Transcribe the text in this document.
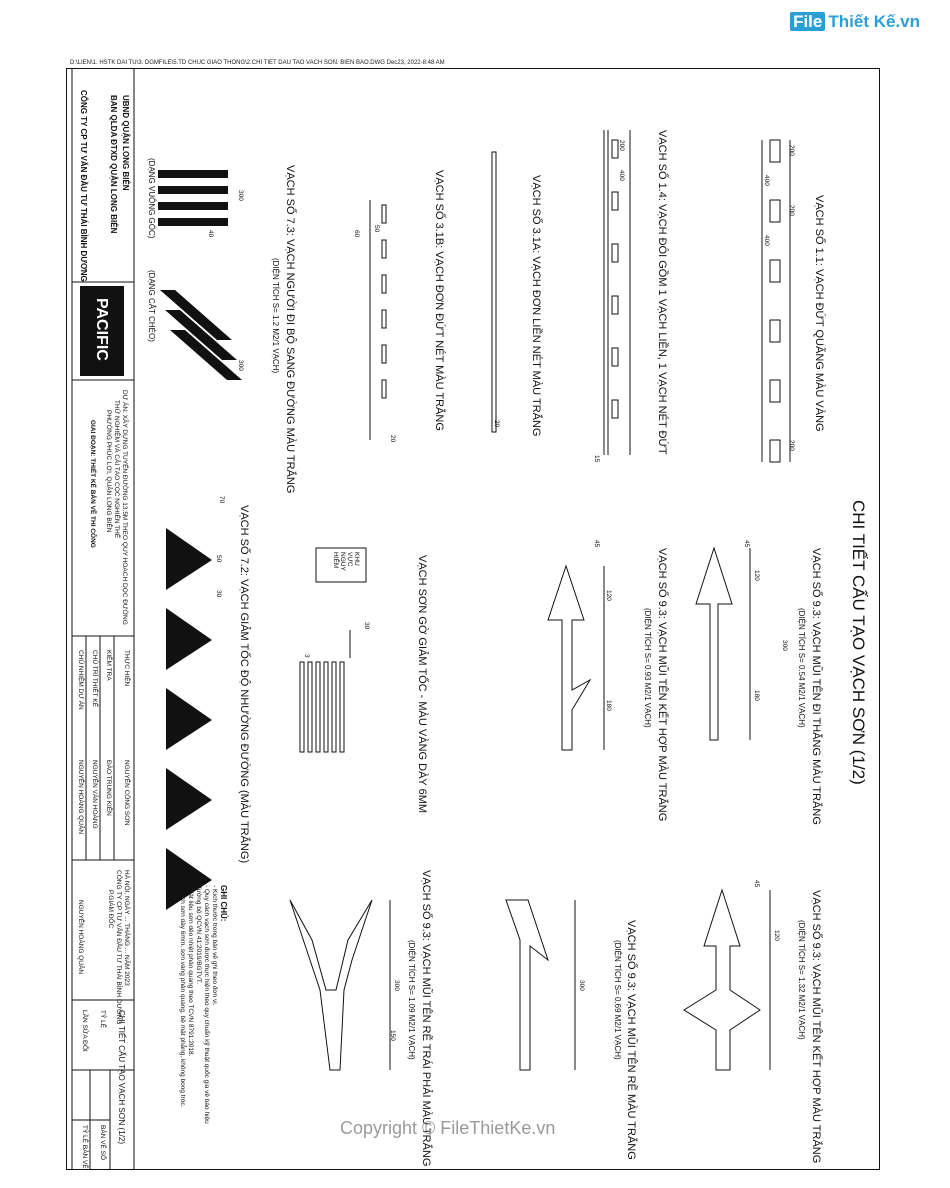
D:\LIEN\1. HSTK DAI TU\3. DGMFILE\5.TD CHUC GIAO THONG\2.CHI TIET DAU TAO VACH SON. BIEN BAO.DWG Dec23, 2022-8:48 AM
File Thiết Kế.vn
PACIFIC
CHI TIẾT CẤU TẠO VẠCH SƠN (1/2)
VẠCH SỐ 1.1: VẠCH ĐỨT QUÃNG MÀU VÀNG
VẠCH SỐ 1.4: VẠCH ĐÔI GỒM 1 VẠCH LIỀN, 1 VẠCH NÉT ĐỨT
VẠCH SỐ 3.1A: VẠCH ĐƠN LIỀN NÉT MÀU TRẮNG
VẠCH SỐ 3.1B: VẠCH ĐƠN ĐỨT NÉT MÀU TRẮNG
VẠCH SỐ 7.3: VẠCH NGƯỜI ĐI BỘ SANG ĐƯỜNG MÀU TRẮNG
(DIỆN TÍCH S= 1.2 M2/1 VẠCH)
(DẠNG VUÔNG GÓC)
(DẠNG CẮT CHÉO)
VẠCH SỐ 9.3: VẠCH MŨI TÊN ĐI THẲNG MÀU TRẮNG
(DIỆN TÍCH S= 0.54 M2/1 VẠCH)
VẠCH SỐ 9.3: VẠCH MŨI TÊN KẾT HỢP MÀU TRẮNG
(DIỆN TÍCH S= 0.93 M2/1 VẠCH)
VẠCH SỐ 9.3: VẠCH MŨI TÊN KẾT HỢP MÀU TRẮNG
(DIỆN TÍCH S= 1.32 M2/1 VẠCH)
VẠCH SỐ 9.3: VẠCH MŨI TÊN RẼ MÀU TRẮNG
(DIỆN TÍCH S= 0.69 M2/1 VẠCH)
VẠCH SỐ 9.3: VẠCH MŨI TÊN RẼ TRÁI PHẢI MÀU TRẮNG
(DIỆN TÍCH S= 1.09 M2/1 VẠCH)
VẠCH SƠN GỜ GIẢM TỐC - MÀU VÀNG DÀY 6MM
KHU VỰC NGUY HIỂM
VẠCH SỐ 7.2: VẠCH GIẢM TỐC ĐỘ NHƯỜNG ĐƯỜNG (MÀU TRẮNG)
GHI CHÚ:
- Kích thước trong bản vẽ ghi theo đơn vị.
- Quy cách vạch sơn được thực hiện theo quy chuẩn kỹ thuật quốc gia về báo hiệu
đường bộ QCVN 41:2019/BGTVT.
- Vật liệu sơn dẻo nhiệt phản quang theo TCVN 8791:2018.
- Vạch sơn dày 6mm, sơn vàng phản quang, bề mặt phẳng, không bong tróc.
UBND QUẬN LONG BIÊN
BAN QLDA ĐTXD QUẬN LONG BIÊN
CÔNG TY CP TƯ VẤN ĐẦU TƯ THÁI BÌNH DƯƠNG
DỰ ÁN: XÂY DỰNG TUYẾN ĐƯỜNG 13.5M THEO QUY HOẠCH DỌC ĐƯỜNG
THỬ NGHIỆM VÀ CẢI TẠO CỌC NGHIÊN THỂ
PHƯỜNG PHÚC LỢI, QUẬN LONG BIÊN
GIAI ĐOẠN: THIẾT KẾ BẢN VẼ THI CÔNG
THỰC HIỆN
NGUYỄN CÔNG SƠN
KIỂM TRA
ĐÀO TRUNG KIÊN
CHỦ TRÌ THIẾT KẾ
NGUYỄN VĂN HOÀNG
CHỦ NHIỆM DỰ ÁN
NGUYỄN HOÀNG QUÂN
HÀ NỘI, NGÀY ... THÁNG ... NĂM 2023
CÔNG TY CP TƯ VẤN ĐẦU TƯ THÁI BÌNH DƯƠNG
P.GIÁM ĐỐC
NGUYỄN HOÀNG QUÂN
CHI TIẾT CẤU TẠO VẠCH SƠN (1/2)
TỶ LỆ
LẦN SỬA ĐỔI
BẢN VẼ SỐ
TỶ LỆ BẢN VẼ
200
400
200
400
200
15
200
400
20
20
50
300
300
40
45
120
180
300
45
120
180
45
120
300
300
150
70
50
30
30
3
60
Copyright © FileThietKe.vn
